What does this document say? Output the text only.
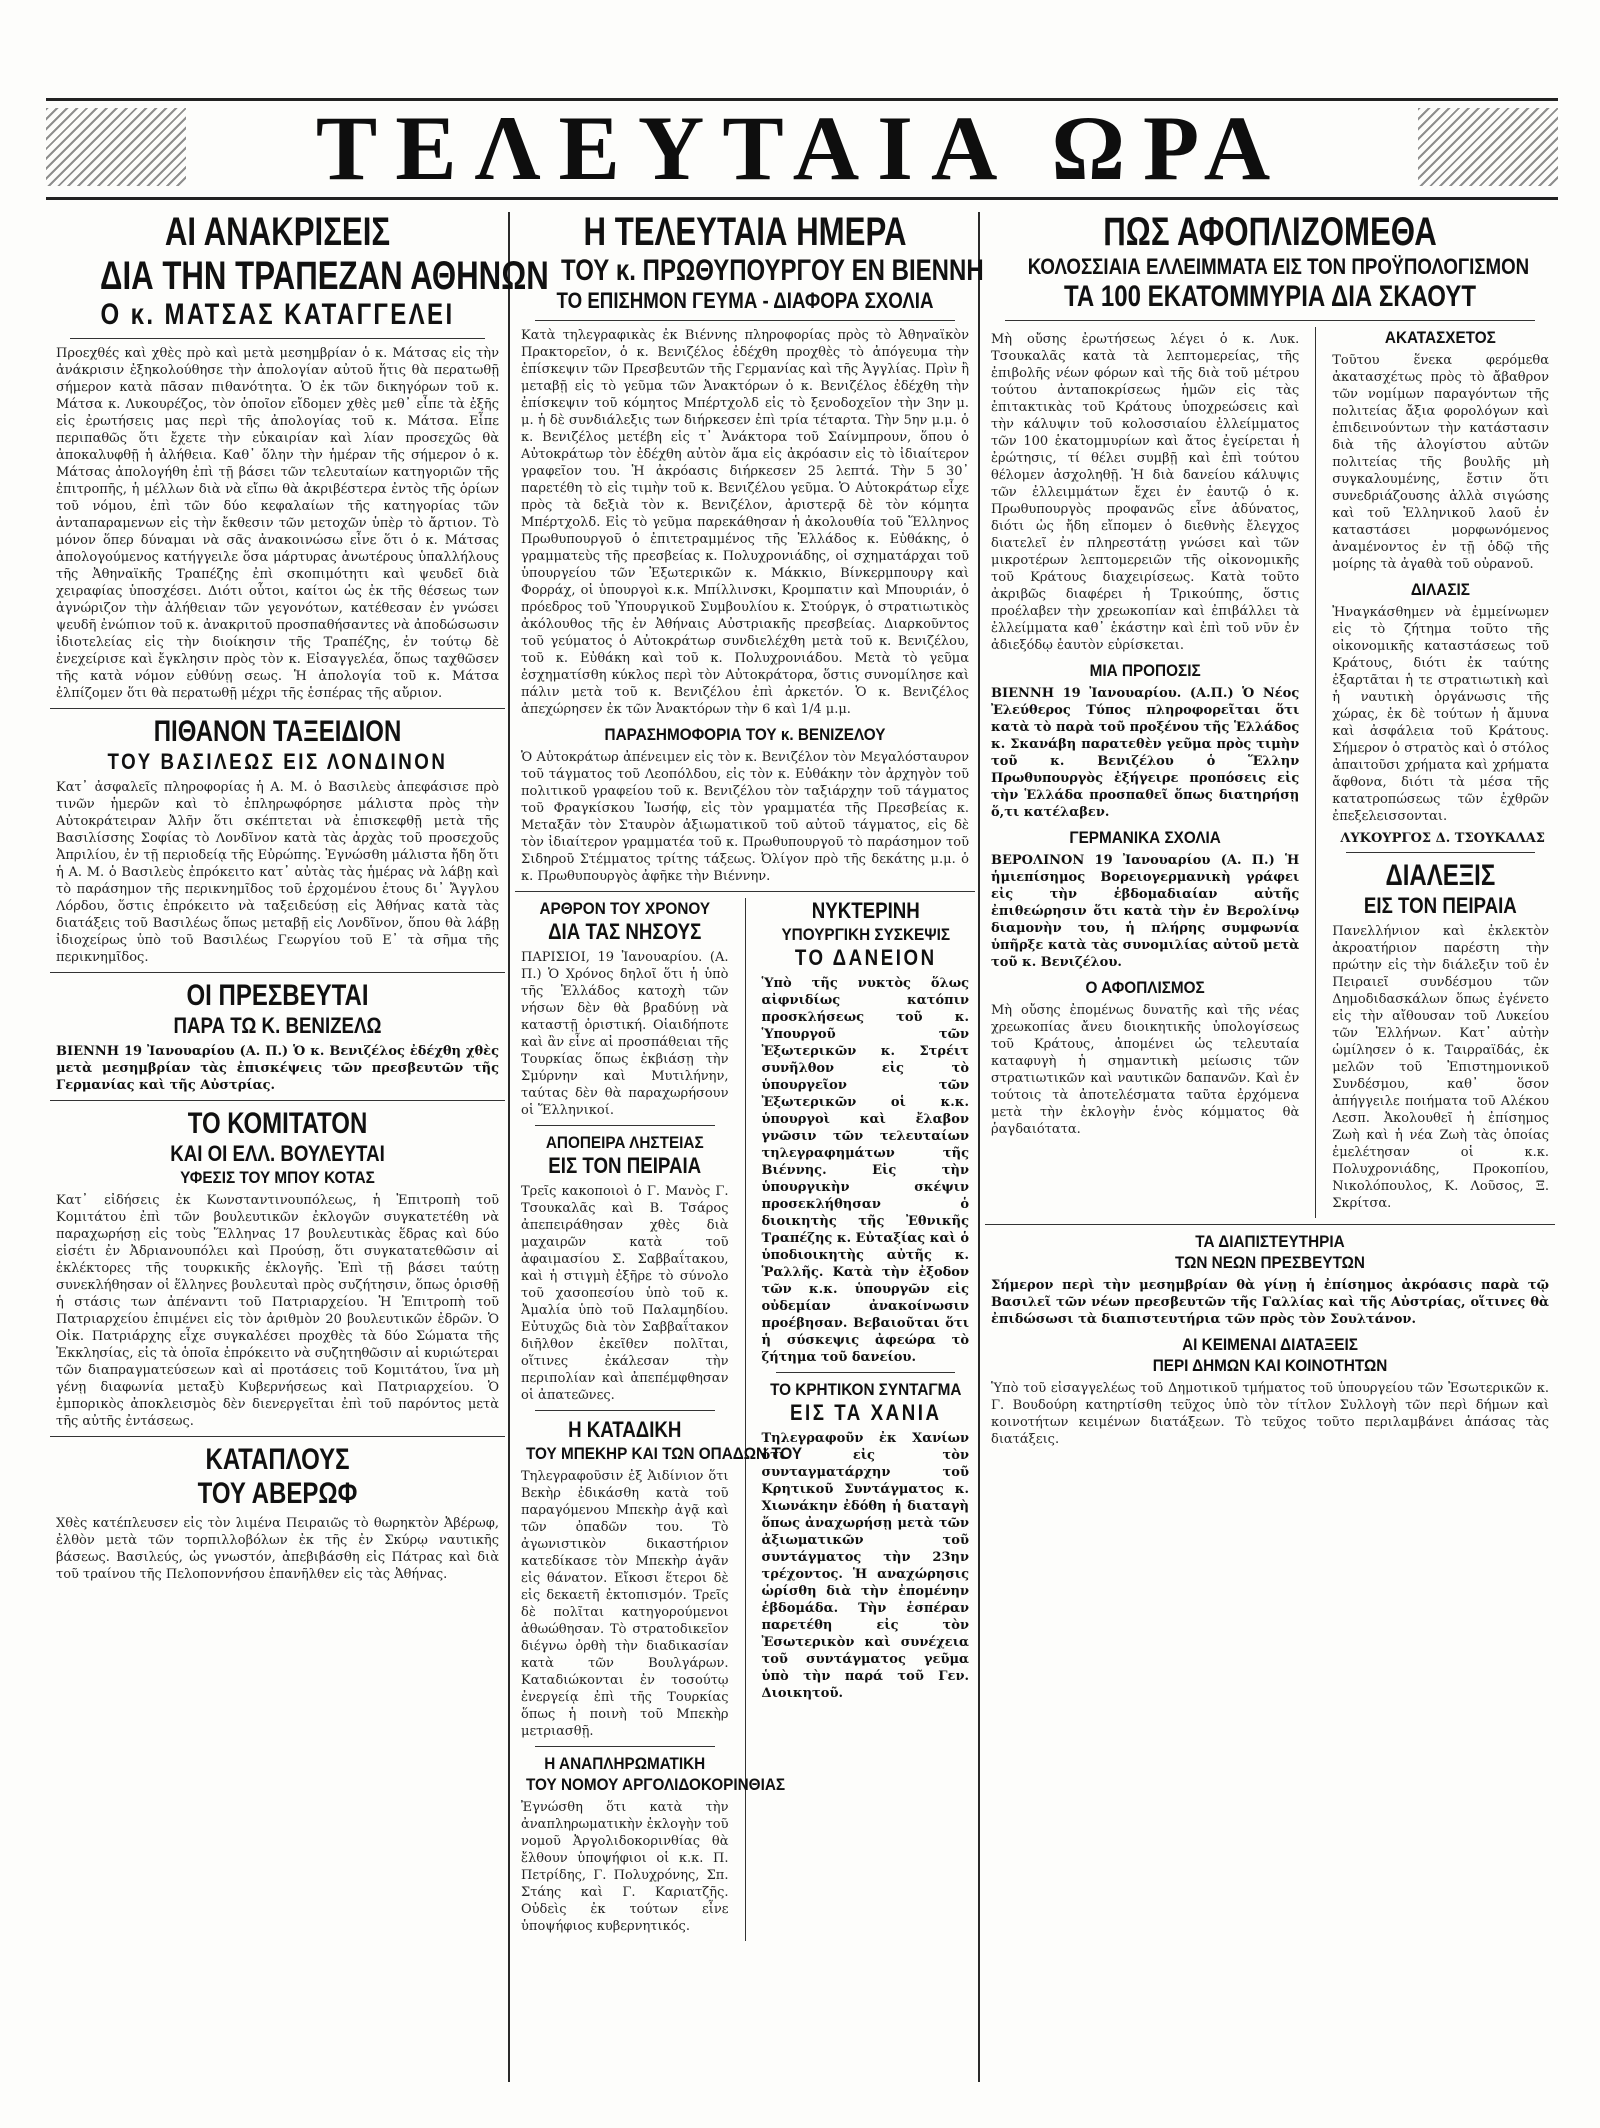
ΤΕΛΕΥΤΑΙΑ ΩΡΑ
ΑΙ ΑΝΑΚΡΙΣΕΙΣ
ΔΙΑ ΤΗΝ ΤΡΑΠΕΖΑΝ ΑΘΗΝΩΝ
Ο κ. ΜΑΤΣΑΣ ΚΑΤΑΓΓΕΛΕΙ

Προεχθές καὶ χθὲς πρὸ καὶ μετὰ μεσημβρίαν ὁ κ. Μάτσας εἰς τὴν ἀνάκρισιν ἐξηκολούθησε τὴν ἀπολογίαν αὐτοῦ ἥτις θὰ περατωθῇ σήμερον κατὰ πᾶσαν πιθανότητα. Ὁ ἐκ τῶν δικηγόρων τοῦ κ. Μάτσα κ. Λυκουρέζος, τὸν ὁποῖον εἴδομεν χθὲς μεθ᾽ εἶπε τὰ ἐξῆς εἰς ἐρωτήσεις μας περὶ τῆς ἀπολογίας τοῦ κ. Μάτσα. Εἶπε περιπαθῶς ὅτι ἔχετε τὴν εὐκαιρίαν καὶ λίαν προσεχῶς θὰ ἀποκαλυφθῇ ἡ ἀλήθεια. Καθ᾽ ὅλην τὴν ἡμέραν τῆς σήμερον ὁ κ. Μάτσας ἀπολογήθη ἐπὶ τῇ βάσει τῶν τελευταίων κατηγοριῶν τῆς ἐπιτροπῆς, ἡ μέλλων διὰ νὰ εἴπω θὰ ἀκριβέστερα ἐντὸς τῆς ὁρίων τοῦ νόμου, ἐπὶ τῶν δύο κεφαλαίων τῆς κατηγορίας τῶν ἀνταπαραμενων εἰς τὴν ἔκθεσιν τῶν μετοχῶν ὑπὲρ τὸ ἄρτιον. Τὸ μόνον ὅπερ δύναμαι νὰ σᾶς ἀνακοινώσω εἶνε ὅτι ὁ κ. Μάτσας ἀπολογούμενος κατήγγειλε ὅσα μάρτυρας ἀνωτέρους ὑπαλλήλους τῆς Ἀθηναϊκῆς Τραπέζης ἐπὶ σκοπιμότητι καὶ ψευδεῖ διὰ χειραφίας ὑποσχέσει. Διότι οὗτοι, καίτοι ὡς ἐκ τῆς θέσεως των ἀγνώριζον τὴν ἀλήθειαν τῶν γεγονότων, κατέθεσαν ἐν γνώσει ψευδῆ ἐνώπιον τοῦ κ. ἀνακριτοῦ προσπαθήσαντες νὰ ἀποδώσωσιν ἰδιοτελείας εἰς τὴν διοίκησιν τῆς Τραπέζης, ἐν τούτῳ δὲ ἐνεχείρισε καὶ ἔγκλησιν πρὸς τὸν κ. Εἰσαγγελέα, ὅπως ταχθῶσεν τῆς κατὰ νόμον εὐθύνῃ σεως. Ἡ ἀπολογία τοῦ κ. Μάτσα ἐλπίζομεν ὅτι θὰ περατωθῇ μέχρι τῆς ἑσπέρας τῆς αὔριον.

ΠΙΘΑΝΟΝ ΤΑΞΕΙΔΙΟΝ
ΤΟΥ ΒΑΣΙΛΕΩΣ ΕΙΣ ΛΟΝΔΙΝΟΝ

Κατ᾽ ἀσφαλεῖς πληροφορίας ἡ Α. Μ. ὁ Βασιλεὺς ἀπεφάσισε πρὸ τινῶν ἡμερῶν καὶ τὸ ἐπληρωφόρησε μάλιστα πρὸς τὴν Αὐτοκράτειραν Ἀλῆν ὅτι σκέπτεται νὰ ἐπισκεφθῇ μετὰ τῆς Βασιλίσσης Σοφίας τὸ Λονδῖνον κατὰ τὰς ἀρχὰς τοῦ προσεχοῦς Ἀπριλίου, ἐν τῇ περιοδείᾳ τῆς Εὐρώπης. Ἐγνώσθη μάλιστα ἤδη ὅτι ἡ Α. Μ. ὁ Βασιλεὺς ἐπρόκειτο κατ᾽ αὐτὰς τὰς ἡμέρας νὰ λάβῃ καὶ τὸ παράσημον τῆς περικνημῖδος τοῦ ἐρχομένου ἐτους δι᾽ Ἄγγλου Λόρδου, ὅστις ἐπρόκειτο νὰ ταξειδεύσῃ εἰς Ἀθήνας κατὰ τὰς διατάξεις τοῦ Βασιλέως ὅπως μεταβῇ εἰς Λονδῖνον, ὅπου θὰ λάβῃ ἰδιοχείρως ὑπὸ τοῦ Βασιλέως Γεωργίου τοῦ Ε᾽ τὰ σῆμα τῆς περικνημῖδος.

ΟΙ ΠΡΕΣΒΕΥΤΑΙ
ΠΑΡΑ ΤΩ Κ. ΒΕΝΙΖΕΛΩ

ΒΙΕΝΝΗ 19 Ἰανουαρίου (Α. Π.) Ὁ κ. Βενιζέλος ἐδέχθη χθὲς μετὰ μεσημβρίαν τὰς ἐπισκέψεις τῶν πρεσβευτῶν τῆς Γερμανίας καὶ τῆς Αὐστρίας.

ΤΟ ΚΟΜΙΤΑΤΟΝ
ΚΑΙ ΟΙ ΕΛΛ. ΒΟΥΛΕΥΤΑΙ
ΥΦΕΣΙΣ ΤΟΥ ΜΠΟΥ ΚΟΤΑΣ

Κατ᾽ εἰδήσεις ἐκ Κωνσταντινουπόλεως, ἡ Ἐπιτροπὴ τοῦ Κομιτάτου ἐπὶ τῶν βουλευτικῶν ἐκλογῶν συγκατετέθη νὰ παραχωρήσῃ εἰς τοὺς Ἕλληνας 17 βουλευτικὰς ἕδρας καὶ δύο εἰσέτι ἐν Ἀδριανουπόλει καὶ Προύσῃ, ὅτι συγκατατεθῶσιν αἱ ἐκλέκτορες τῆς τουρκικῆς ἐκλογῆς. Ἐπὶ τῇ βάσει ταύτῃ συνεκλήθησαν οἱ ἕλληνες βουλευταὶ πρὸς συζήτησιν, ὅπως ὁρισθῇ ἡ στάσις των ἀπέναντι τοῦ Πατριαρχείου. Ἡ Ἐπιτροπὴ τοῦ Πατριαρχείου ἐπιμένει εἰς τὸν ἀριθμὸν 20 βουλευτικῶν ἐδρῶν. Ὁ Οἰκ. Πατριάρχης εἶχε συγκαλέσει προχθὲς τὰ δύο Σώματα τῆς Ἐκκλησίας, εἰς τὰ ὁποῖα ἐπρόκειτο νὰ συζητηθῶσιν αἱ κυριώτεραι τῶν διαπραγματεύσεων καὶ αἱ προτάσεις τοῦ Κομιτάτου, ἵνα μὴ γένῃ διαφωνία μεταξὺ Κυβερνήσεως καὶ Πατριαρχείου. Ὁ ἐμπορικὸς ἀποκλεισμὸς δὲν διενεργεῖται ἐπὶ τοῦ παρόντος μετὰ τῆς αὐτῆς ἐντάσεως.

ΚΑΤΑΠΛΟΥΣ
ΤΟΥ ΑΒΕΡΩΦ

Χθὲς κατέπλευσεν εἰς τὸν λιμένα Πειραιῶς τὸ θωρηκτὸν Ἀβέρωφ, ἐλθὸν μετὰ τῶν τορπιλλοβόλων ἐκ τῆς ἐν Σκύρῳ ναυτικῆς βάσεως. Βασιλεύς, ὡς γνωστόν, ἀπεβιβάσθη εἰς Πάτρας καὶ διὰ τοῦ τραίνου τῆς Πελοποννήσου ἐπανῆλθεν εἰς τὰς Ἀθήνας.

Η ΤΕΛΕΥΤΑΙΑ ΗΜΕΡΑ
ΤΟΥ κ. ΠΡΩΘΥΠΟΥΡΓΟΥ ΕΝ ΒΙΕΝΝΗ
ΤΟ ΕΠΙΣΗΜΟΝ ΓΕΥΜΑ - ΔΙΑΦΟΡΑ ΣΧΟΛΙΑ

Κατὰ τηλεγραφικὰς ἐκ Βιέννης πληροφορίας πρὸς τὸ Ἀθηναϊκὸν Πρακτορεῖον, ὁ κ. Βενιζέλος ἐδέχθη προχθὲς τὸ ἀπόγευμα τὴν ἐπίσκεψιν τῶν Πρεσβευτῶν τῆς Γερμανίας καὶ τῆς Ἀγγλίας. Πρὶν ἢ μεταβῇ εἰς τὸ γεῦμα τῶν Ἀνακτόρων ὁ κ. Βενιζέλος ἐδέχθη τὴν ἐπίσκεψιν τοῦ κόμητος Μπέρτχολδ εἰς τὸ ξενοδοχεῖον τὴν 3ην μ. μ. ἡ δὲ συνδιάλεξις των διήρκεσεν ἐπὶ τρία τέταρτα. Τὴν 5ην μ.μ. ὁ κ. Βενιζέλος μετέβη εἰς τ᾽ Ἀνάκτορα τοῦ Σαίνμπρουν, ὅπου ὁ Αὐτοκράτωρ τὸν ἐδέχθη αὐτὸν ἅμα εἰς ἀκρόασιν εἰς τὸ ἰδιαίτερον γραφεῖον του. Ἡ ἀκρόασις διήρκεσεν 25 λεπτά. Τὴν 5 30᾽ παρετέθη τὸ εἰς τιμὴν τοῦ κ. Βενιζέλου γεῦμα. Ὁ Αὐτοκράτωρ εἶχε πρὸς τὰ δεξιὰ τὸν κ. Βενιζέλον, ἀριστερᾷ δὲ τὸν κόμητα Μπέρτχολδ. Εἰς τὸ γεῦμα παρεκάθησαν ἡ ἀκολουθία τοῦ Ἕλληνος Πρωθυπουργοῦ ὁ ἐπιτετραμμένος τῆς Ἑλλάδος κ. Εὐθάκης, ὁ γραμματεὺς τῆς πρεσβείας κ. Πολυχρονιάδης, οἱ σχηματάρχαι τοῦ ὑπουργείου τῶν Ἐξωτερικῶν κ. Μάκκιο, Βίνκερμπουργ καὶ Φορράχ, οἱ ὑπουργοὶ κ.κ. Μπίλλινσκι, Κρομπατιν καὶ Μπουριάν, ὁ πρόεδρος τοῦ Ὑπουργικοῦ Συμβουλίου κ. Στούργκ, ὁ στρατιωτικὸς ἀκόλουθος τῆς ἐν Ἀθήναις Αὐστριακῆς πρεσβείας. Διαρκοῦντος τοῦ γεύματος ὁ Αὐτοκράτωρ συνδιελέχθη μετὰ τοῦ κ. Βενιζέλου, τοῦ κ. Εὐθάκη καὶ τοῦ κ. Πολυχρονιάδου. Μετὰ τὸ γεῦμα ἐσχηματίσθη κύκλος περὶ τὸν Αὐτοκράτορα, ὅστις συνομίλησε καὶ πάλιν μετὰ τοῦ κ. Βενιζέλου ἐπὶ ἀρκετόν. Ὁ κ. Βενιζέλος ἀπεχώρησεν ἐκ τῶν Ἀνακτόρων τὴν 6 καὶ 1/4 μ.μ.

ΠΑΡΑΣΗΜΟΦΟΡΙΑ ΤΟΥ κ. ΒΕΝΙΖΕΛΟΥ

Ὁ Αὐτοκράτωρ ἀπένειμεν εἰς τὸν κ. Βενιζέλον τὸν Μεγαλόσταυρον τοῦ τάγματος τοῦ Λεοπόλδου, εἰς τὸν κ. Εὐθάκην τὸν ἀρχηγὸν τοῦ πολιτικοῦ γραφείου τοῦ κ. Βενιζέλου τὸν ταξιάρχην τοῦ τάγματος τοῦ Φραγκίσκου Ἰωσήφ, εἰς τὸν γραμματέα τῆς Πρεσβείας κ. Μεταξᾶν τὸν Σταυρὸν ἀξιωματικοῦ τοῦ αὐτοῦ τάγματος, εἰς δὲ τὸν ἰδιαίτερον γραμματέα τοῦ κ. Πρωθυπουργοῦ τὸ παράσημον τοῦ Σιδηροῦ Στέμματος τρίτης τάξεως. Ὀλίγον πρὸ τῆς δεκάτης μ.μ. ὁ κ. Πρωθυπουργὸς ἀφῆκε τὴν Βιέννην.

ΑΡΘΡΟΝ ΤΟΥ ΧΡΟΝΟΥ
ΔΙΑ ΤΑΣ ΝΗΣΟΥΣ

ΠΑΡΙΣΙΟΙ, 19 Ἰανουαρίου. (Α. Π.) Ὁ Χρόνος δηλοῖ ὅτι ἡ ὑπὸ τῆς Ἑλλάδος κατοχὴ τῶν νήσων δὲν θὰ βραδύνῃ νὰ καταστῇ ὁριστική. Οἱαιδήποτε καὶ ἂν εἶνε αἱ προσπάθειαι τῆς Τουρκίας ὅπως ἐκβιάσῃ τὴν Σμύρνην καὶ Μυτιλήνην, ταύτας δὲν θὰ παραχωρήσουν οἱ Ἕλληνικοί.

ΑΠΟΠΕΙΡΑ ΛΗΣΤΕΙΑΣ
ΕΙΣ ΤΟΝ ΠΕΙΡΑΙΑ

Τρεῖς κακοποιοὶ ὁ Γ. Μανὸς Γ. Τσουκαλᾶς καὶ Β. Τσάρος ἀπεπειράθησαν χθὲς διὰ μαχαιρῶν κατὰ τοῦ ἀφαιμασίου Σ. Σαββαΐτακου, καὶ ἡ στιγμὴ ἐξῆρε τὸ σύνολο τοῦ χασοπεσίου ὑπὸ τοῦ κ. Ἀμαλία ὑπὸ τοῦ Παλαμηδίου. Εὐτυχῶς διὰ τὸν Σαββαΐτακον διῆλθον ἐκεῖθεν πολῖται, οἵτινες ἐκάλεσαν τὴν περιπολίαν καὶ ἀπεπέμφθησαν οἱ ἀπατεῶνες.

Η ΚΑΤΑΔΙΚΗ
ΤΟΥ ΜΠΕΚΗΡ ΚΑΙ ΤΩΝ ΟΠΑΔΩΝ ΤΟΥ

Τηλεγραφοῦσιν ἐξ Ἀιδίνιον ὅτι Βεκὴρ ἐδικάσθη κατὰ τοῦ παραγόμενου Μπεκὴρ ἀγᾷ καὶ τῶν ὀπαδῶν του. Τὸ ἀγωνιστικὸν δικαστήριον κατεδίκασε τὸν Μπεκὴρ ἀγᾶν εἰς θάνατον. Εἴκοσι ἕτεροι δὲ εἰς δεκαετῆ ἐκτοπισμόν. Τρεῖς δὲ πολῖται κατηγορούμενοι ἀθωώθησαν. Τὸ στρατοδικεῖον διέγνω ὀρθὴ τὴν διαδικασίαν κατὰ τῶν Βουλγάρων. Καταδιώκονται ἐν τοσούτῳ ἐνεργείᾳ ἐπὶ τῆς Τουρκίας ὅπως ἡ ποινὴ τοῦ Μπεκὴρ μετριασθῇ.

Η ΑΝΑΠΛΗΡΩΜΑΤΙΚΗ
ΤΟΥ ΝΟΜΟΥ ΑΡΓΟΛΙΔΟΚΟΡΙΝΘΙΑΣ

Ἐγνώσθη ὅτι κατὰ τὴν ἀναπληρωματικὴν ἐκλογὴν τοῦ νομοῦ Ἀργολιδοκορινθίας θὰ ἔλθουν ὑποψήφιοι οἱ κ.κ. Π. Πετρίδης, Γ. Πολυχρόνης, Σπ. Στάης καὶ Γ. Καριατζῆς. Οὐδεὶς ἐκ τούτων εἶνε ὑποψήφιος κυβερνητικός.

ΝΥΚΤΕΡΙΝΗ
ΥΠΟΥΡΓΙΚΗ ΣΥΣΚΕΨΙΣ
ΤΟ ΔΑΝΕΙΟΝ

Ὑπὸ τῆς νυκτὸς ὅλως αἰφνιδίως κατόπιν προσκλήσεως τοῦ κ. Ὑπουργοῦ τῶν Ἐξωτερικῶν κ. Στρέιτ συνῆλθον εἰς τὸ ὑπουργεῖον τῶν Ἐξωτερικῶν οἱ κ.κ. ὑπουργοὶ καὶ ἔλαβον γνῶσιν τῶν τελευταίων τηλεγραφημάτων τῆς Βιέννης. Εἰς τὴν ὑπουργικὴν σκέψιν προσεκλήθησαν ὁ διοικητὴς τῆς Ἐθνικῆς Τραπέζης κ. Εὐταξίας καὶ ὁ ὑποδιοικητὴς αὐτῆς κ. Ῥαλλῆς. Κατὰ τὴν ἐξοδον τῶν κ.κ. ὑπουργῶν εἰς οὐδεμίαν ἀνακοίνωσιν προέβησαν. Βεβαιοῦται ὅτι ἡ σύσκεψις ἀφεώρα τὸ ζήτημα τοῦ δανείου.

ΤΟ ΚΡΗΤΙΚΟΝ ΣΥΝΤΑΓΜΑ
ΕΙΣ ΤΑ ΧΑΝΙΑ

Τηλεγραφοῦν ἐκ Χανίων ὅτι εἰς τὸν συνταγματάρχην τοῦ Κρητικοῦ Συντάγματος κ. Χιωνάκην ἐδόθη ἡ διαταγὴ ὅπως ἀναχωρήσῃ μετὰ τῶν ἀξιωματικῶν τοῦ συντάγματος τὴν 23ην τρέχοντος. Ἡ αναχώρησις ὡρίσθη διὰ τὴν ἐπομένην ἑβδομάδα. Τὴν ἑσπέραν παρετέθη εἰς τὸν Ἐσωτερικὸν καὶ συνέχεια τοῦ συντάγματος γεῦμα ὑπὸ τὴν παρά τοῦ Γεν. Διοικητοῦ.

ΠΩΣ ΑΦΟΠΛΙΖΟΜΕΘΑ
ΚΟΛΟΣΣΙΑΙΑ ΕΛΛΕΙΜΜΑΤΑ ΕΙΣ ΤΟΝ ΠΡΟΫΠΟΛΟΓΙΣΜΟΝ
ΤΑ 100 ΕΚΑΤΟΜΜΥΡΙΑ ΔΙΑ ΣΚΑΟΥΤ

Μὴ οὔσης ἐρωτήσεως λέγει ὁ κ. Λυκ. Τσουκαλᾶς κατὰ τὰ λεπτομερείας, τῆς ἐπιβολῆς νέων φόρων καὶ τῆς διὰ τοῦ μέτρου τούτου ἀνταποκρίσεως ἡμῶν εἰς τὰς ἐπιτακτικὰς τοῦ Κράτους ὑποχρεώσεις καὶ τὴν κάλυψιν τοῦ κολοσσιαίου ἐλλείμματος τῶν 100 ἑκατομμυρίων καὶ ἄτος ἐγείρεται ἡ ἐρώτησις, τί θέλει συμβῇ καὶ ἐπὶ τούτου θέλομεν ἀσχοληθῇ. Ἡ διὰ δανείου κάλυψις τῶν ἐλλειμμάτων ἔχει ἐν ἑαυτῷ ὁ κ. Πρωθυπουργὸς προφανῶς εἶνε ἀδύνατος, διότι ὡς ἤδη εἴπομεν ὁ διεθνὴς ἔλεγχος διατελεῖ ἐν πληρεστάτῃ γνώσει καὶ τῶν μικροτέρων λεπτομερειῶν τῆς οἰκονομικῆς τοῦ Κράτους διαχειρίσεως. Κατὰ τοῦτο ἀκριβῶς διαφέρει ἡ Τρικούπης, ὅστις προέλαβεν τὴν χρεωκοπίαν καὶ ἐπιβάλλει τὰ ἐλλείμματα καθ᾽ ἑκάστην καὶ ἐπὶ τοῦ νῦν ἐν ἀδιεξόδῳ ἑαυτὸν εὑρίσκεται.

ΜΙΑ ΠΡΟΠΟΣΙΣ

ΒΙΕΝΝΗ 19 Ἰανουαρίου. (Α.Π.) Ὁ Νέος Ἐλεύθερος Τύπος πληροφορεῖται ὅτι κατὰ τὸ παρὰ τοῦ προξένου τῆς Ἑλλάδος κ. Σκανάβη παρατεθὲν γεῦμα πρὸς τιμὴν τοῦ κ. Βενιζέλου ὁ Ἕλλην Πρωθυπουργὸς ἐξήγειρε προπόσεις εἰς τὴν Ἑλλάδα προσπαθεῖ ὅπως διατηρήσῃ ὅ,τι κατέλαβεν.

ΓΕΡΜΑΝΙΚΑ ΣΧΟΛΙΑ

ΒΕΡΟΛΙΝΟΝ 19 Ἰανουαρίου (Α. Π.) Ἡ ἡμιεπίσημος Βορειογερμανικὴ γράφει εἰς τὴν ἑβδομαδιαίαν αὐτῆς ἐπιθεώρησιν ὅτι κατὰ τὴν ἐν Βερολίνῳ διαμονὴν του, ἡ πλήρης συμφωνία ὑπῆρξε κατὰ τὰς συνομιλίας αὐτοῦ μετὰ τοῦ κ. Βενιζέλου.

Ο ΑΦΟΠΛΙΣΜΟΣ

Μὴ οὔσης ἐπομένως δυνατῆς καὶ τῆς νέας χρεωκοπίας ἄνευ διοικητικῆς ὑπολογίσεως τοῦ Κράτους, ἀπομένει ὡς τελευταία καταφυγὴ ἡ σημαντικὴ μείωσις τῶν στρατιωτικῶν καὶ ναυτικῶν δαπανῶν. Καὶ ἐν τούτοις τὰ ἀποτελέσματα ταῦτα ἐρχόμενα μετὰ τὴν ἐκλογὴν ἑνὸς κόμματος θὰ ῥαγδαιότατα.

ΑΚΑΤΑΣΧΕΤΟΣ

Τοῦτου ἕνεκα φερόμεθα ἀκατασχέτως πρὸς τὸ ἄβαθρον τῶν νομίμων παραγόντων τῆς πολιτείας ἄξια φορολόγων καὶ ἐπιδεινούντων τὴν κατάστασιν διὰ τῆς ἀλογίστου αὐτῶν πολιτείας τῆς βουλῆς μὴ συγκαλουμένης, ἔστιν ὅτι συνεδριάζουσης ἀλλὰ σιγώσης καὶ τοῦ Ἑλληνικοῦ λαοῦ ἐν καταστάσει μορφωνόμενος ἀναμένοντος ἐν τῇ ὁδῷ τῆς μοίρης τὰ ἀγαθὰ τοῦ οὐρανοῦ.

ΔΙΛΑΣΙΣ

Ἠναγκάσθημεν νὰ ἐμμείνωμεν εἰς τὸ ζήτημα τοῦτο τῆς οἰκονομικῆς καταστάσεως τοῦ Κράτους, διότι ἐκ ταύτης ἐξαρτᾶται ἡ τε στρατιωτικὴ καὶ ἡ ναυτικὴ ὀργάνωσις τῆς χώρας, ἐκ δὲ τούτων ἡ ἄμυνα καὶ ἀσφάλεια τοῦ Κράτους. Σήμερον ὁ στρατὸς καὶ ὁ στόλος ἀπαιτοῦσι χρήματα καὶ χρήματα ἄφθονα, διότι τὰ μέσα τῆς κατατροπώσεως τῶν ἐχθρῶν ἐπεξελεισσονται.

ΛΥΚΟΥΡΓΟΣ Δ. ΤΣΟΥΚΑΛΑΣ
ΔΙΑΛΕΞΙΣ
ΕΙΣ ΤΟΝ ΠΕΙΡΑΙΑ

Πανελλήνιον καὶ ἐκλεκτὸν ἀκροατήριον παρέστη τὴν πρώτην εἰς τὴν διάλεξιν τοῦ ἐν Πειραιεῖ συνδέσμου τῶν Δημοδιδασκάλων ὅπως ἐγένετο εἰς τὴν αἴθουσαν τοῦ Λυκείου τῶν Ἑλλήνων. Κατ᾽ αὐτὴν ὡμίλησεν ὁ κ. Ταιρραϊδάς, ἐκ μελῶν τοῦ Ἐπιστημονικοῦ Συνδέσμου, καθ᾽ ὅσον ἀπήγγειλε ποιήματα τοῦ Αλέκου Λεσπ. Ἀκολουθεῖ ἡ ἐπίσημος Ζωὴ καὶ ἡ νέα Ζωὴ τὰς ὁποίας ἐμελέτησαν οἱ κ.κ. Πολυχρονιάδης, Προκοπίου, Νικολόπουλος, Κ. Λοῦσος, Ξ. Σκρίτσα.

ΤΑ ΔΙΑΠΙΣΤΕΥΤΗΡΙΑ
ΤΩΝ ΝΕΩΝ ΠΡΕΣΒΕΥΤΩΝ

Σήμερον περὶ τὴν μεσημβρίαν θὰ γίνῃ ἡ ἐπίσημος ἀκρόασις παρὰ τῷ Βασιλεῖ τῶν νέων πρεσβευτῶν τῆς Γαλλίας καὶ τῆς Αὐστρίας, οἵτινες θὰ ἐπιδώσωσι τὰ διαπιστευτήρια τῶν πρὸς τὸν Σουλτάνον.

ΑΙ ΚΕΙΜΕΝΑΙ ΔΙΑΤΑΞΕΙΣ
ΠΕΡΙ ΔΗΜΩΝ ΚΑΙ ΚΟΙΝΟΤΗΤΩΝ

Ὑπὸ τοῦ εἰσαγγελέως τοῦ Δημοτικοῦ τμήματος τοῦ ὑπουργείου τῶν Ἐσωτερικῶν κ. Γ. Βουδούρη κατηρτίσθη τεῦχος ὑπὸ τὸν τίτλον Συλλογὴ τῶν περὶ δήμων καὶ κοινοτήτων κειμένων διατάξεων. Τὸ τεῦχος τοῦτο περιλαμβάνει ἁπάσας τὰς διατάξεις.
